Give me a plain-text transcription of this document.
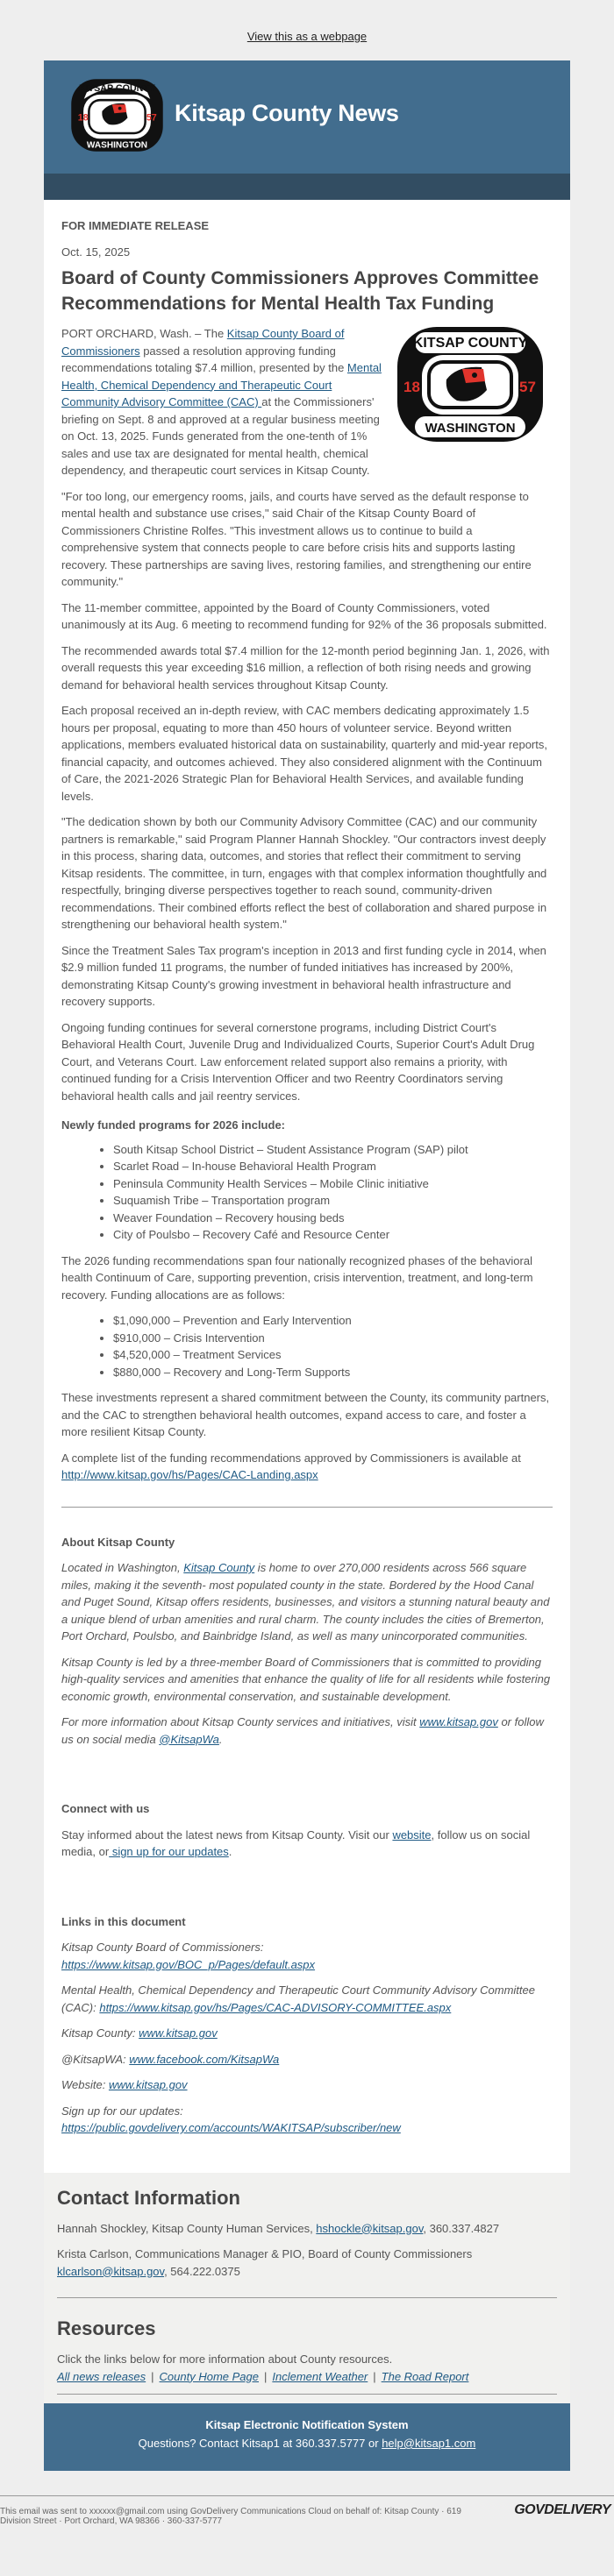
View this as a webpage
KITSAP COUNTY
WASHINGTON
18	57 Kitsap County News

FOR IMMEDIATE RELEASE

Oct. 15, 2025

Board of County Commissioners Approves Committee Recommendations for Mental Health Tax Funding
KITSAP COUNTY
WASHINGTON
18	57

PORT ORCHARD, Wash. – The Kitsap County Board of Commissioners passed a resolution approving funding recommendations totaling $7.4 million, presented by the Mental Health, Chemical Dependency and Therapeutic Court Community Advisory Committee (CAC) at the Commissioners' briefing on Sept. 8 and approved at a regular business meeting on Oct. 13, 2025. Funds generated from the one-tenth of 1% sales and use tax are designated for mental health, chemical dependency, and therapeutic court services in Kitsap County.

"For too long, our emergency rooms, jails, and courts have served as the default response to mental health and substance use crises," said Chair of the Kitsap County Board of Commissioners Christine Rolfes. "This investment allows us to continue to build a comprehensive system that connects people to care before crisis hits and supports lasting recovery. These partnerships are saving lives, restoring families, and strengthening our entire community."

The 11-member committee, appointed by the Board of County Commissioners, voted unanimously at its Aug. 6 meeting to recommend funding for 92% of the 36 proposals submitted.

The recommended awards total $7.4 million for the 12-month period beginning Jan. 1, 2026, with overall requests this year exceeding $16 million, a reflection of both rising needs and growing demand for behavioral health services throughout Kitsap County.

Each proposal received an in-depth review, with CAC members dedicating approximately 1.5 hours per proposal, equating to more than 450 hours of volunteer service. Beyond written applications, members evaluated historical data on sustainability, quarterly and mid-year reports, financial capacity, and outcomes achieved. They also considered alignment with the Continuum of Care, the 2021-2026 Strategic Plan for Behavioral Health Services, and available funding levels.

"The dedication shown by both our Community Advisory Committee (CAC) and our community partners is remarkable," said Program Planner Hannah Shockley. "Our contractors invest deeply in this process, sharing data, outcomes, and stories that reflect their commitment to serving Kitsap residents. The committee, in turn, engages with that complex information thoughtfully and respectfully, bringing diverse perspectives together to reach sound, community-driven recommendations. Their combined efforts reflect the best of collaboration and shared purpose in strengthening our behavioral health system."

Since the Treatment Sales Tax program's inception in 2013 and first funding cycle in 2014, when $2.9 million funded 11 programs, the number of funded initiatives has increased by 200%, demonstrating Kitsap County's growing investment in behavioral health infrastructure and recovery supports.

Ongoing funding continues for several cornerstone programs, including District Court's Behavioral Health Court, Juvenile Drug and Individualized Courts, Superior Court's Adult Drug Court, and Veterans Court. Law enforcement related support also remains a priority, with continued funding for a Crisis Intervention Officer and two Reentry Coordinators serving behavioral health calls and jail reentry services.

Newly funded programs for 2026 include:

• South Kitsap School District – Student Assistance Program (SAP) pilot
• Scarlet Road – In-house Behavioral Health Program
• Peninsula Community Health Services – Mobile Clinic initiative
• Suquamish Tribe – Transportation program
• Weaver Foundation – Recovery housing beds
• City of Poulsbo – Recovery Café and Resource Center

The 2026 funding recommendations span four nationally recognized phases of the behavioral health Continuum of Care, supporting prevention, crisis intervention, treatment, and long-term recovery. Funding allocations are as follows:

• $1,090,000 – Prevention and Early Intervention
• $910,000 – Crisis Intervention
• $4,520,000 – Treatment Services
• $880,000 – Recovery and Long-Term Supports

These investments represent a shared commitment between the County, its community partners, and the CAC to strengthen behavioral health outcomes, expand access to care, and foster a more resilient Kitsap County.

A complete list of the funding recommendations approved by Commissioners is available at http://www.kitsap.gov/hs/Pages/CAC-Landing.aspx

About Kitsap County

Located in Washington, Kitsap County is home to over 270,000 residents across 566 square miles, making it the seventh- most populated county in the state. Bordered by the Hood Canal and Puget Sound, Kitsap offers residents, businesses, and visitors a stunning natural beauty and a unique blend of urban amenities and rural charm. The county includes the cities of Bremerton, Port Orchard, Poulsbo, and Bainbridge Island, as well as many unincorporated communities.

Kitsap County is led by a three-member Board of Commissioners that is committed to providing high-quality services and amenities that enhance the quality of life for all residents while fostering economic growth, environmental conservation, and sustainable development.

For more information about Kitsap County services and initiatives, visit www.kitsap.gov or follow us on social media @KitsapWa.

Connect with us

Stay informed about the latest news from Kitsap County. Visit our website, follow us on social media, or sign up for our updates.

Links in this document

Kitsap County Board of Commissioners:
https://www.kitsap.gov/BOC_p/Pages/default.aspx

Mental Health, Chemical Dependency and Therapeutic Court Community Advisory Committee (CAC): https://www.kitsap.gov/hs/Pages/CAC-ADVISORY-COMMITTEE.aspx

Kitsap County: www.kitsap.gov

@KitsapWA: www.facebook.com/KitsapWa

Website: www.kitsap.gov

Sign up for our updates:
https://public.govdelivery.com/accounts/WAKITSAP/subscriber/new

Contact Information

Hannah Shockley, Kitsap County Human Services, hshockle@kitsap.gov, 360.337.4827

Krista Carlson, Communications Manager & PIO, Board of County Commissioners
klcarlson@kitsap.gov, 564.222.0375

Resources

Click the links below for more information about County resources.
All news releases | County Home Page | Inclement Weather | The Road Report

Kitsap Electronic Notification System
Questions? Contact Kitsap1 at 360.337.5777 or help@kitsap1.com
This email was sent to xxxxxx@gmail.com using GovDelivery Communications Cloud on behalf of: Kitsap County · 619 Division Street · Port Orchard, WA 98366 · 360-337-5777
GOVDELIVERY
